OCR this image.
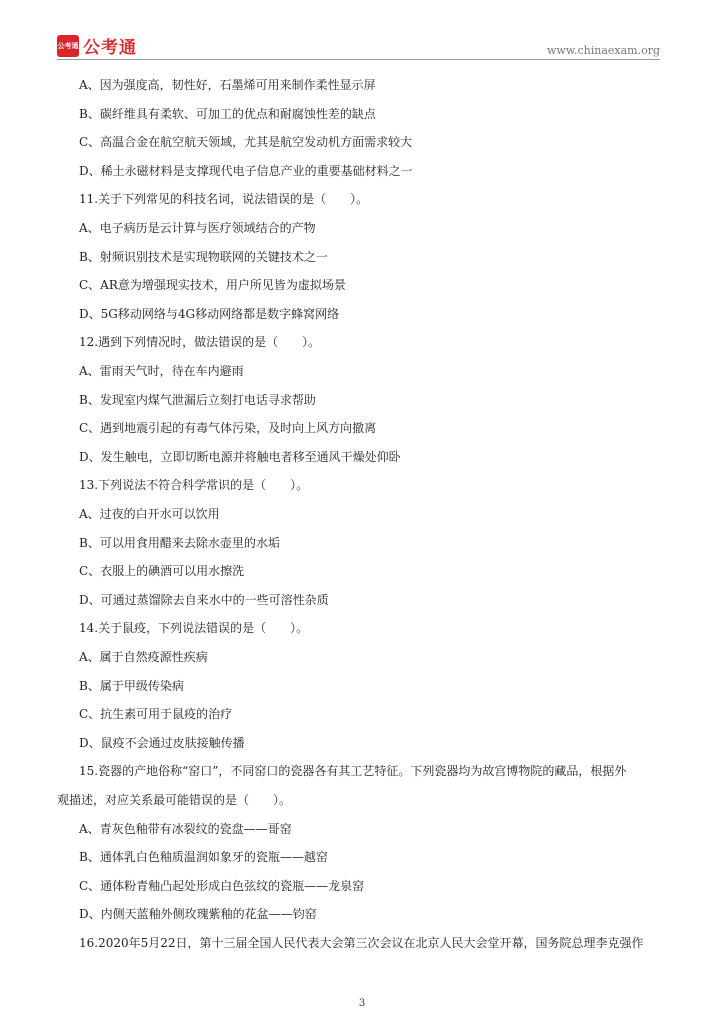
公考通 公考通	www.chinaexam.org
A、因为强度高，韧性好，石墨烯可用来制作柔性显示屏
B、碳纤维具有柔软、可加工的优点和耐腐蚀性差的缺点
C、高温合金在航空航天领域，尤其是航空发动机方面需求较大
D、稀土永磁材料是支撑现代电子信息产业的重要基础材料之一
11.关于下列常见的科技名词，说法错误的是（　　）。
A、电子病历是云计算与医疗领域结合的产物
B、射频识别技术是实现物联网的关键技术之一
C、AR意为增强现实技术，用户所见皆为虚拟场景
D、5G移动网络与4G移动网络都是数字蜂窝网络
12.遇到下列情况时，做法错误的是（　　）。
A、雷雨天气时，待在车内避雨
B、发现室内煤气泄漏后立刻打电话寻求帮助
C、遇到地震引起的有毒气体污染，及时向上风方向撤离
D、发生触电，立即切断电源并将触电者移至通风干燥处仰卧
13.下列说法不符合科学常识的是（　　）。
A、过夜的白开水可以饮用
B、可以用食用醋来去除水壶里的水垢
C、衣服上的碘酒可以用水擦洗
D、可通过蒸馏除去自来水中的一些可溶性杂质
14.关于鼠疫，下列说法错误的是（　　）。
A、属于自然疫源性疾病
B、属于甲级传染病
C、抗生素可用于鼠疫的治疗
D、鼠疫不会通过皮肤接触传播
15.瓷器的产地俗称“窑口”，不同窑口的瓷器各有其工艺特征。下列瓷器均为故宫博物院的藏品，根据外
观描述，对应关系最可能错误的是（　　）。
A、青灰色釉带有冰裂纹的瓷盘——哥窑
B、通体乳白色釉质温润如象牙的瓷瓶——越窑
C、通体粉青釉凸起处形成白色弦纹的瓷瓶——龙泉窑
D、内侧天蓝釉外侧玫瑰紫釉的花盆——钧窑
16.2020年5月22日，第十三届全国人民代表大会第三次会议在北京人民大会堂开幕，国务院总理李克强作
3
